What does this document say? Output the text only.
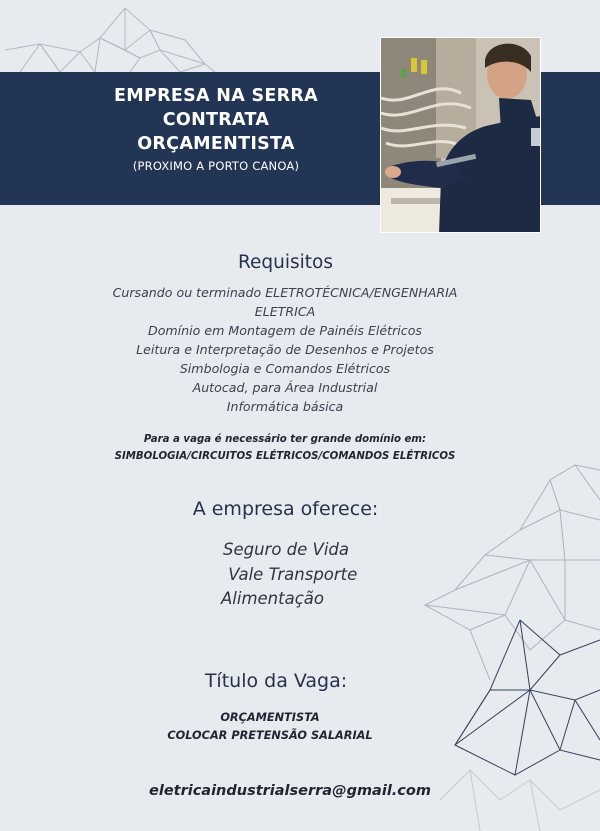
EMPRESA NA SERRA
CONTRATA
ORÇAMENTISTA
(PROXIMO A PORTO CANOA)
Requisitos
Cursando ou terminado ELETROTÉCNICA/ENGENHARIA
ELETRICA
Domínio em Montagem de Painéis Elétricos
Leitura e Interpretação de Desenhos e Projetos
Simbologia e Comandos Elétricos
Autocad, para Área Industrial
Informática básica
Para a vaga é necessário ter grande domínio em:
SIMBOLOGIA/CIRCUITOS ELÉTRICOS/COMANDOS ELÉTRICOS
A empresa oferece:
Seguro de Vida
Vale Transporte
Alimentação
Título da Vaga:
ORÇAMENTISTA
COLOCAR PRETENSÃO SALARIAL
eletricaindustrialserra@gmail.com
